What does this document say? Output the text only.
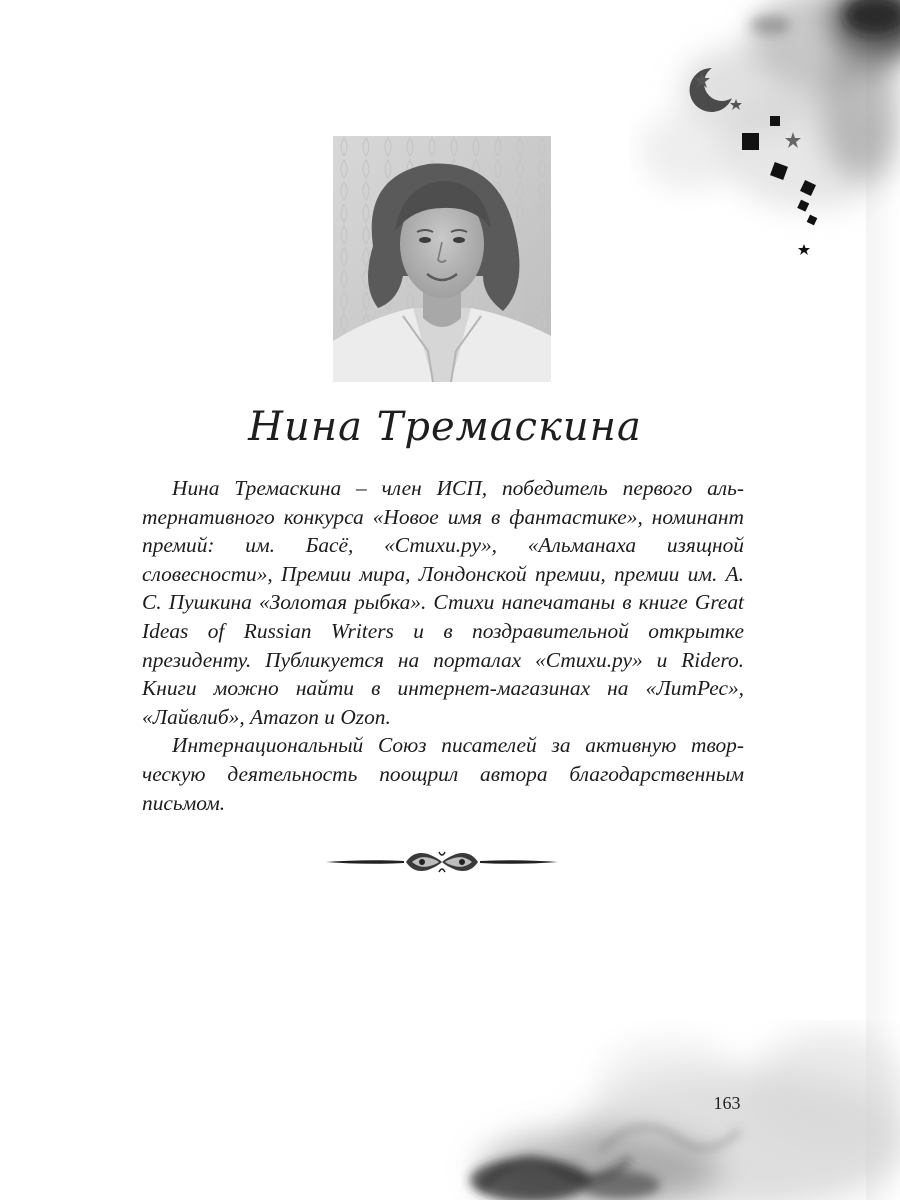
Нина Тремаскина

Нина Тремаскина – член ИСП, победитель первого альтернативного конкурса «Новое имя в фантастике», номинант премий: им. Басё, «Стихи.ру», «Альманаха изящной словесности», Премии мира, Лондонской премии, премии им. А. С. Пушкина «Золотая рыбка». Стихи напечатаны в книге Great Ideas of Russian Writers и в поздравительной открытке президенту. Публикуется на порталах «Стихи.ру» и Ridero. Книги можно найти в интернет-магазинах на «ЛитРес», «Лайвлиб», Amazon и Ozon.

Интернациональный Союз писателей за активную творческую деятельность поощрил автора благодарственным письмом.

163
